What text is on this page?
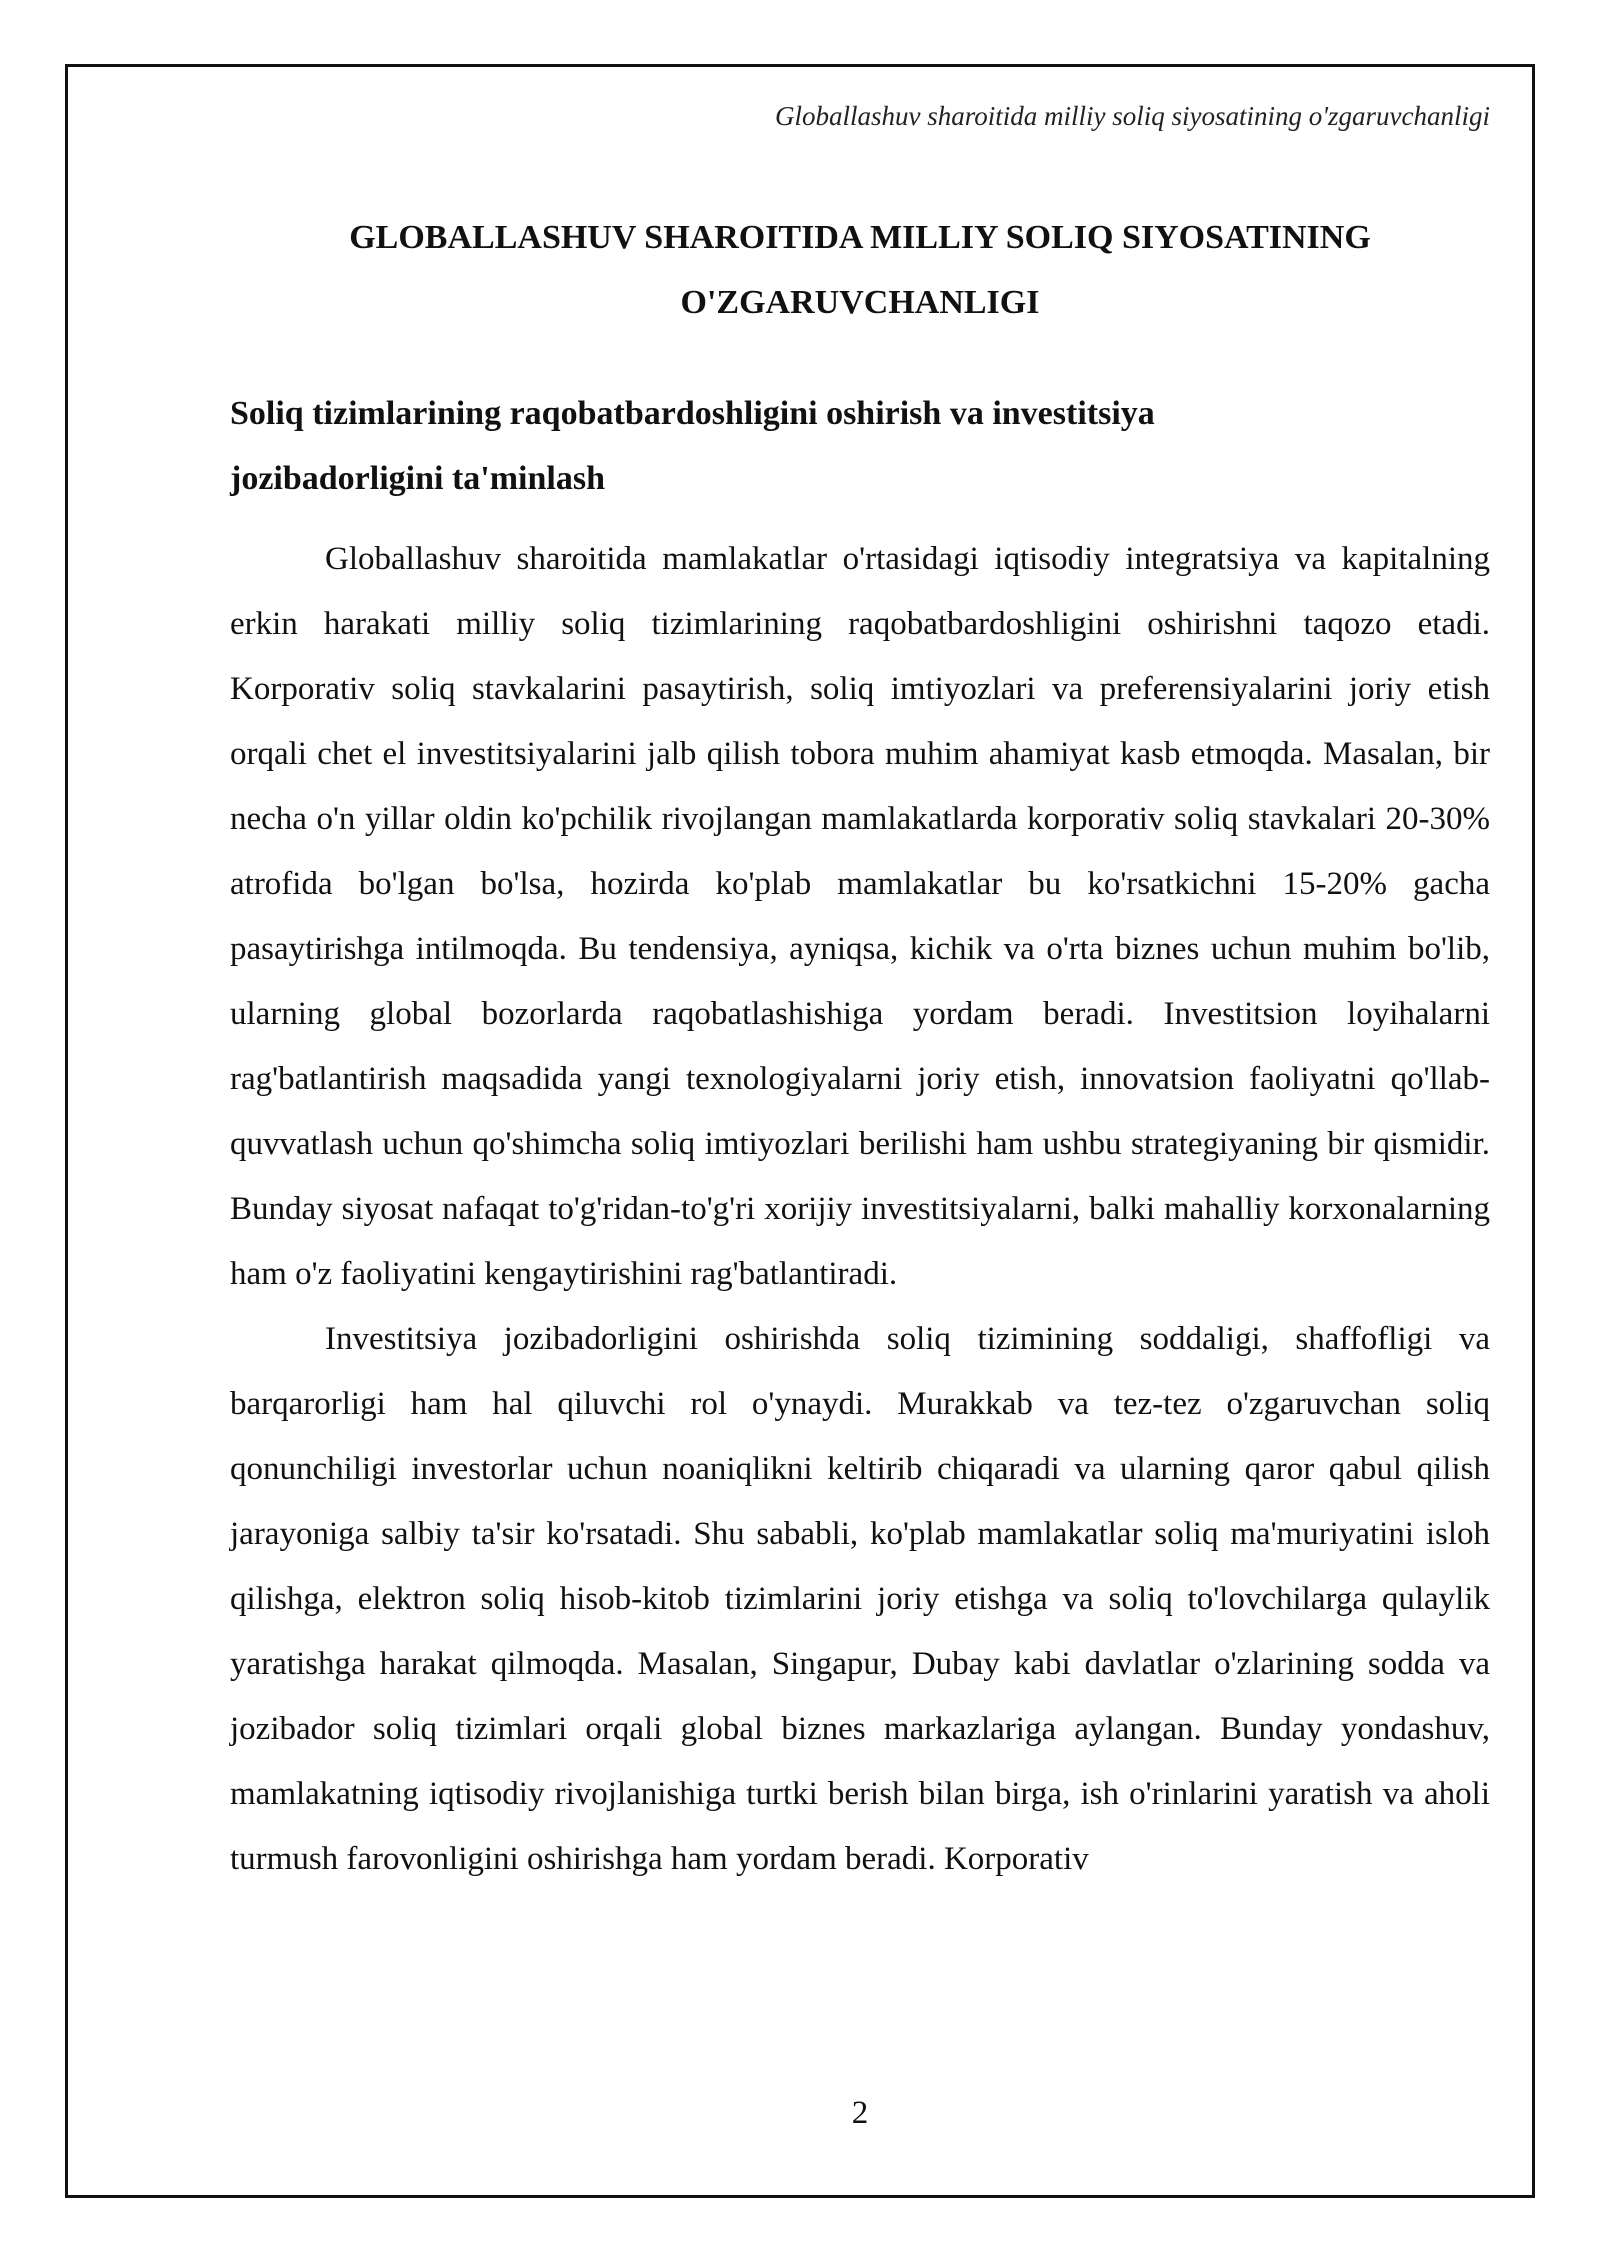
Globallashuv sharoitida milliy soliq siyosatining o'zgaruvchanligi
GLOBALLASHUV SHAROITIDA MILLIY SOLIQ SIYOSATINING
O'ZGARUVCHANLIGI
Soliq tizimlarining raqobatbardoshligini oshirish va investitsiya
jozibadorligini ta'minlash

Globallashuv sharoitida mamlakatlar o'rtasidagi iqtisodiy integratsiya va kapitalning erkin harakati milliy soliq tizimlarining raqobatbardoshligini oshirishni taqozo etadi. Korporativ soliq stavkalarini pasaytirish, soliq imtiyozlari va preferensiyalarini joriy etish orqali chet el investitsiyalarini jalb qilish tobora muhim ahamiyat kasb etmoqda. Masalan, bir necha o'n yillar oldin ko'pchilik rivojlangan mamlakatlarda korporativ soliq stavkalari 20-30% atrofida bo'lgan bo'lsa, hozirda ko'plab mamlakatlar bu ko'rsatkichni 15-20% gacha pasaytirishga intilmoqda. Bu tendensiya, ayniqsa, kichik va o'rta biznes uchun muhim bo'lib, ularning global bozorlarda raqobatlashishiga yordam beradi. Investitsion loyihalarni rag'batlantirish maqsadida yangi texnologiyalarni joriy etish, innovatsion faoliyatni qo'llab-quvvatlash uchun qo'shimcha soliq imtiyozlari berilishi ham ushbu strategiyaning bir qismidir. Bunday siyosat nafaqat to'g'ridan-to'g'ri xorijiy investitsiyalarni, balki mahalliy korxonalarning ham o'z faoliyatini kengaytirishini rag'batlantiradi.

Investitsiya jozibadorligini oshirishda soliq tizimining soddaligi, shaffofligi va barqarorligi ham hal qiluvchi rol o'ynaydi. Murakkab va tez-tez o'zgaruvchan soliq qonunchiligi investorlar uchun noaniqlikni keltirib chiqaradi va ularning qaror qabul qilish jarayoniga salbiy ta'sir ko'rsatadi. Shu sababli, ko'plab mamlakatlar soliq ma'muriyatini isloh qilishga, elektron soliq hisob-kitob tizimlarini joriy etishga va soliq to'lovchilarga qulaylik yaratishga harakat qilmoqda. Masalan, Singapur, Dubay kabi davlatlar o'zlarining sodda va jozibador soliq tizimlari orqali global biznes markazlariga aylangan. Bunday yondashuv, mamlakatning iqtisodiy rivojlanishiga turtki berish bilan birga, ish o'rinlarini yaratish va aholi turmush farovonligini oshirishga ham yordam beradi. Korporativ

2
